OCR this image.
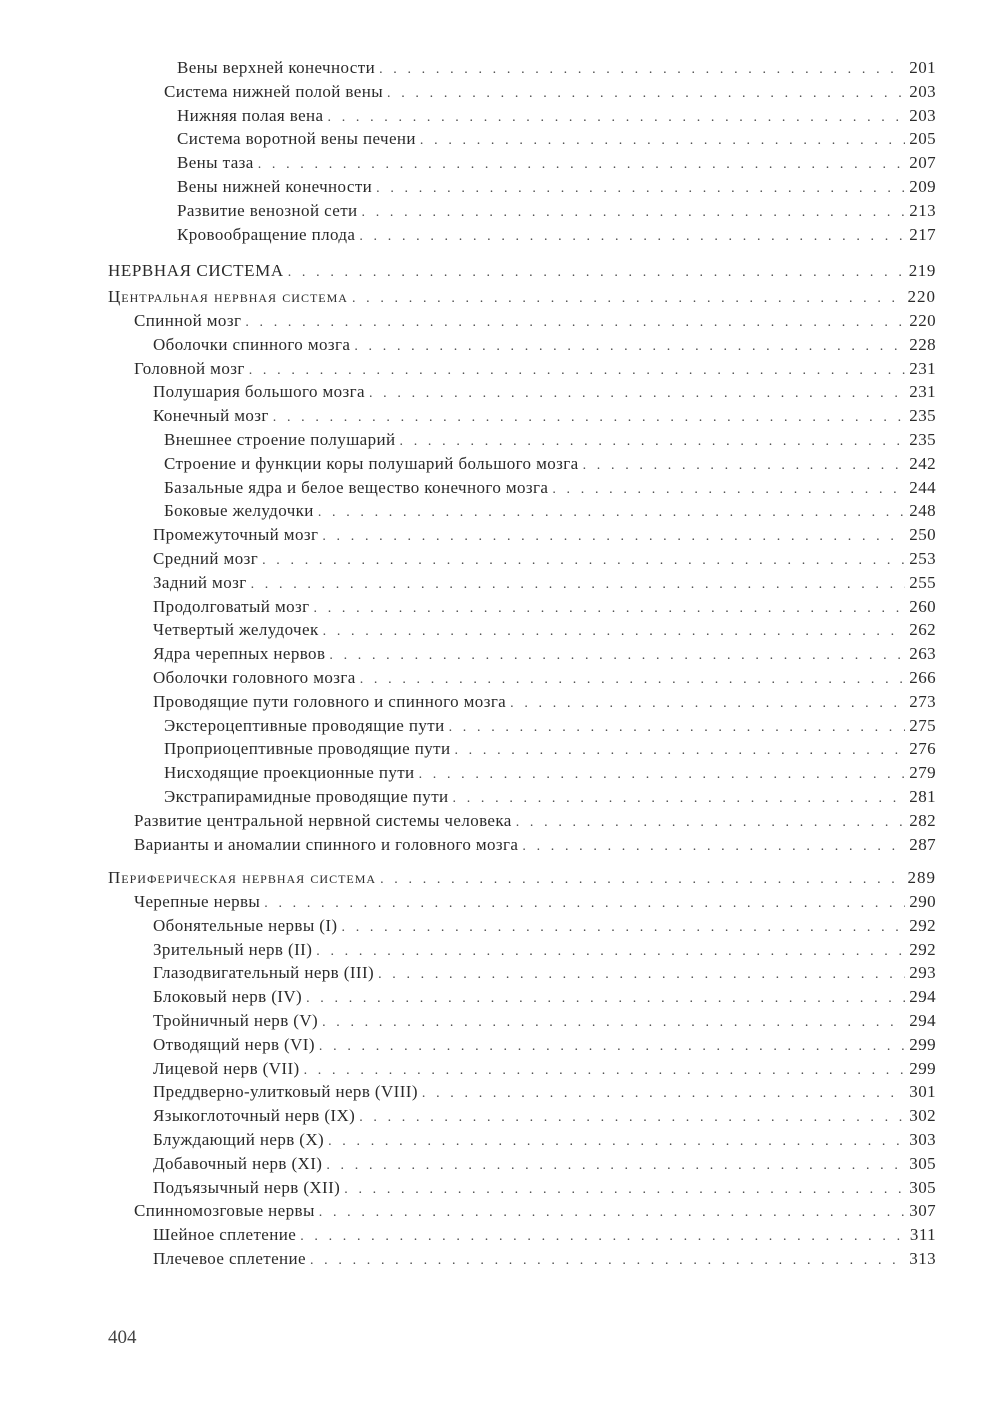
Вены верхней конечности . . .	201
Система нижней полой вены . . .	203
Нижняя полая вена . . .	203
Система воротной вены печени . . .	205
Вены таза . . .	207
Вены нижней конечности . . .	209
Развитие венозной сети . . .	213
Кровообращение плода . . .	217
НЕРВНАЯ СИСТЕМА . . .	219
Центральная нервная система . . .	220
Спинной мозг . . .	220
Оболочки спинного мозга . . .	228
Головной мозг . . .	231
Полушария большого мозга . . .	231
Конечный мозг . . .	235
Внешнее строение полушарий . . .	235
Строение и функции коры полушарий большого мозга . . .	242
Базальные ядра и белое вещество конечного мозга . . .	244
Боковые желудочки . . .	248
Промежуточный мозг . . .	250
Средний мозг . . .	253
Задний мозг . . .	255
Продолговатый мозг . . .	260
Четвертый желудочек . . .	262
Ядра черепных нервов . . .	263
Оболочки головного мозга . . .	266
Проводящие пути головного и спинного мозга . . .	273
Экстероцептивные проводящие пути . . .	275
Проприоцептивные проводящие пути . . .	276
Нисходящие проекционные пути . . .	279
Экстрапирамидные проводящие пути . . .	281
Развитие центральной нервной системы человека . . .	282
Варианты и аномалии спинного и головного мозга . . .	287
Периферическая нервная система . . .	289
Черепные нервы . . .	290
Обонятельные нервы (I) . . .	292
Зрительный нерв (II) . . .	292
Глазодвигательный нерв (III) . . .	293
Блоковый нерв (IV) . . .	294
Тройничный нерв (V) . . .	294
Отводящий нерв (VI) . . .	299
Лицевой нерв (VII) . . .	299
Преддверно-улитковый нерв (VIII) . . .	301
Языкоглоточный нерв (IX) . . .	302
Блуждающий нерв (X) . . .	303
Добавочный нерв (XI) . . .	305
Подъязычный нерв (XII) . . .	305
Спинномозговые нервы . . .	307
Шейное сплетение . . .	311
Плечевое сплетение . . .	313
404
